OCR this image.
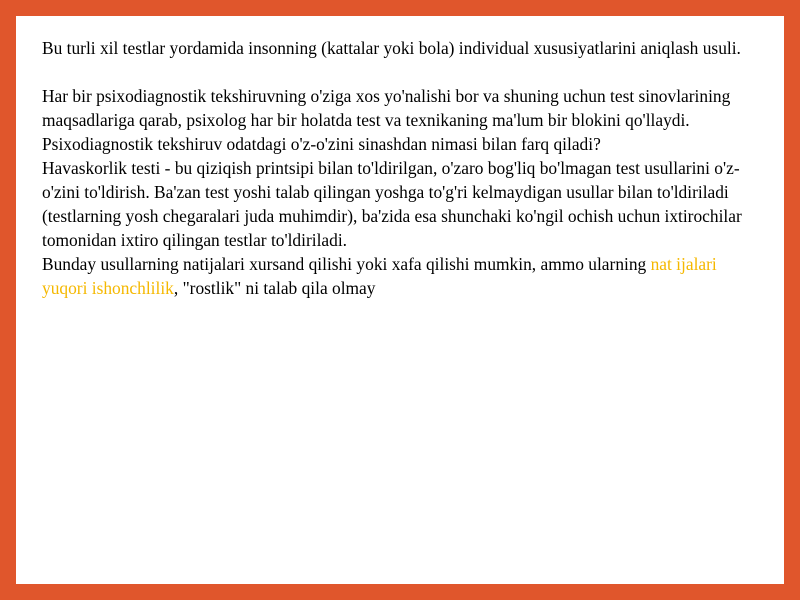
Bu turli xil testlar yordamida insonning (kattalar yoki bola) individual xususiyatlarini aniqlash usuli.

Har bir psixodiagnostik tekshiruvning o'ziga xos yo'nalishi bor va shuning uchun test sinovlarining maqsadlariga qarab, psixolog har bir holatda test va texnikaning ma'lum bir blokini qo'llaydi.

Psixodiagnostik tekshiruv odatdagi o'z-o'zini sinashdan nimasi bilan farq qiladi?

Havaskorlik testi - bu qiziqish printsipi bilan to'ldirilgan, o'zaro bog'liq bo'lmagan test usullarini o'z-o'zini to'ldirish. Ba'zan test yoshi talab qilingan yoshga to'g'ri kelmaydigan usullar bilan to'ldiriladi (testlarning yosh chegaralari juda muhimdir), ba'zida esa shunchaki ko'ngil ochish uchun ixtirochilar tomonidan ixtiro qilingan testlar to'ldiriladi.

Bunday usullarning natijalari xursand qilishi yoki xafa qilishi mumkin, ammo ularning nat ijalari yuqori ishonchlilik, "rostlik" ni talab qila olmay
